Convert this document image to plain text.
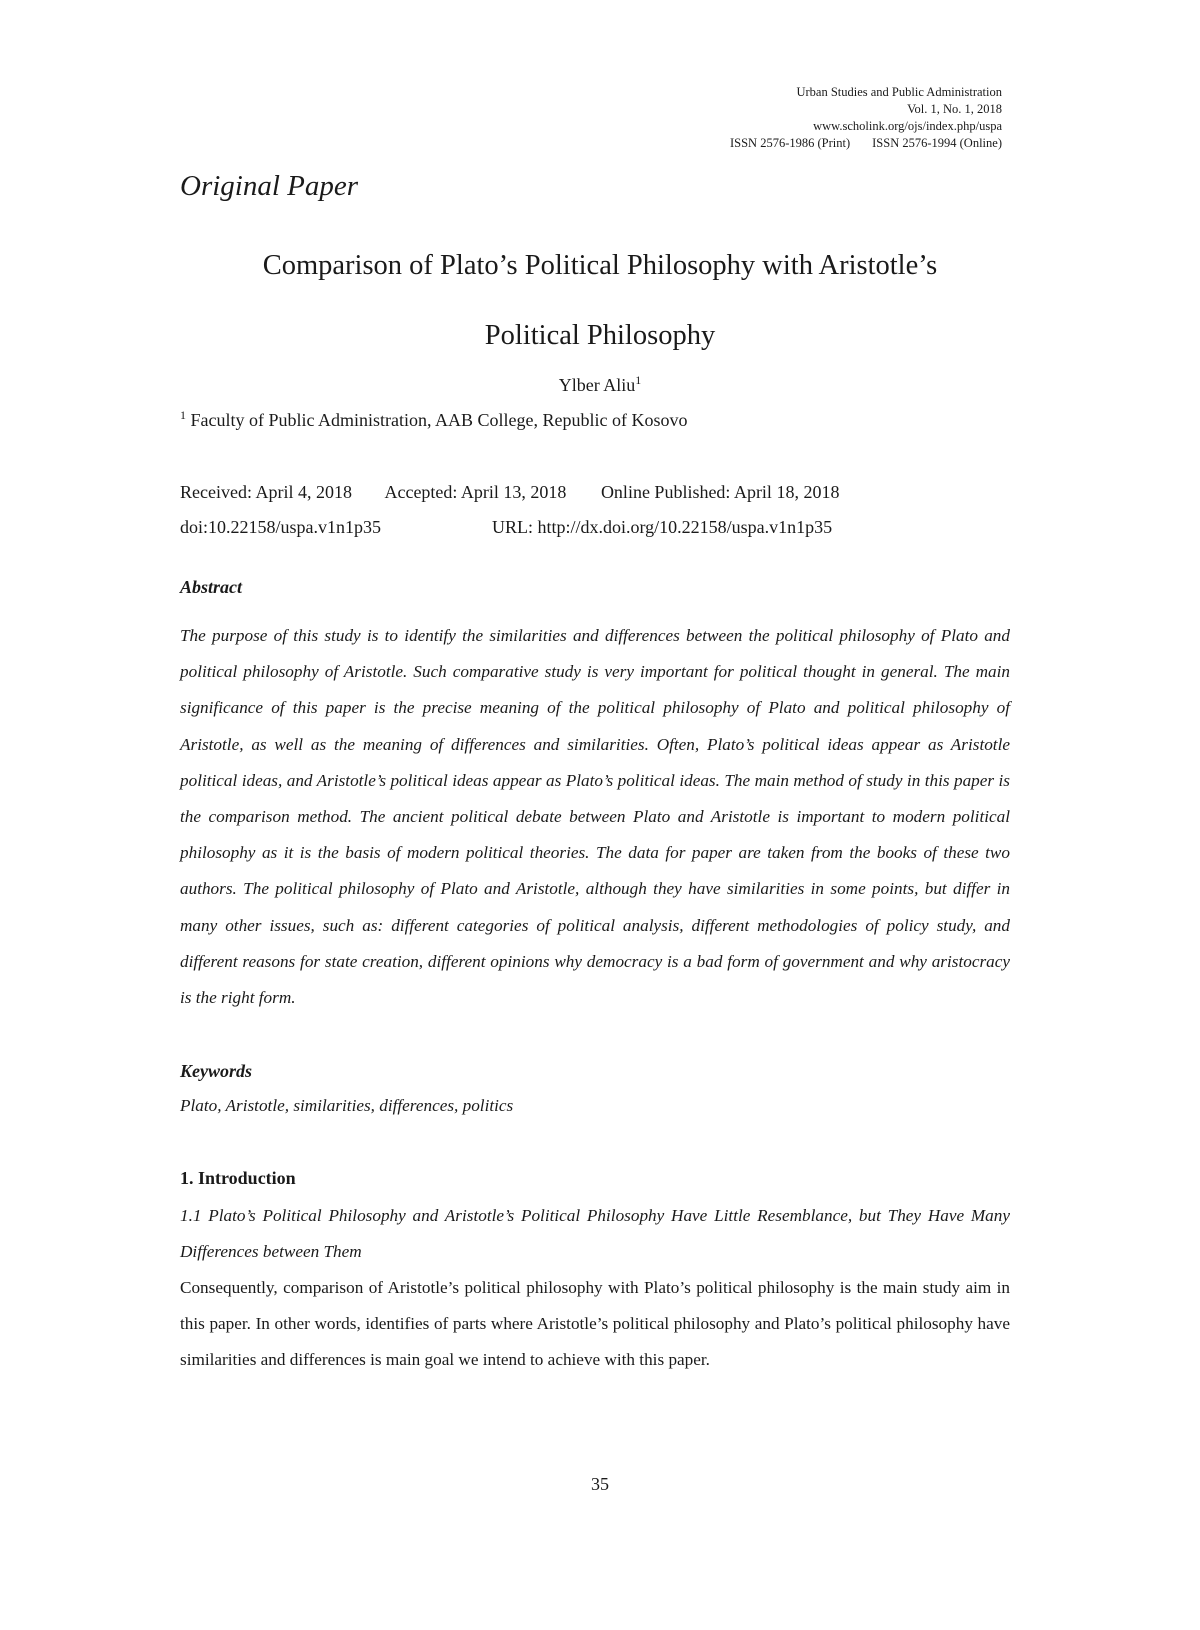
Urban Studies and Public Administration
Vol. 1, No. 1, 2018
www.scholink.org/ojs/index.php/uspa
ISSN 2576-1986 (Print) ISSN 2576-1994 (Online)
Original Paper
Comparison of Plato’s Political Philosophy with Aristotle’s
Political Philosophy
Ylber Aliu$^1$
$^1$ Faculty of Public Administration, AAB College, Republic of Kosovo
Received: April 4, 2018 Accepted: April 13, 2018 Online Published: April 18, 2018
doi:10.22158/uspa.v1n1p35	URL: http://dx.doi.org/10.22158/uspa.v1n1p35
Abstract
The purpose of this study is to identify the similarities and differences between the political philosophy of Plato and political philosophy of Aristotle. Such comparative study is very important for political thought in general. The main significance of this paper is the precise meaning of the political philosophy of Plato and political philosophy of Aristotle, as well as the meaning of differences and similarities. Often, Plato’s political ideas appear as Aristotle political ideas, and Aristotle’s political ideas appear as Plato’s political ideas. The main method of study in this paper is the comparison method. The ancient political debate between Plato and Aristotle is important to modern political philosophy as it is the basis of modern political theories. The data for paper are taken from the books of these two authors. The political philosophy of Plato and Aristotle, although they have similarities in some points, but differ in many other issues, such as: different categories of political analysis, different methodologies of policy study, and different reasons for state creation, different opinions why democracy is a bad form of government and why aristocracy is the right form.
Keywords
Plato, Aristotle, similarities, differences, politics
1. Introduction
1.1 Plato’s Political Philosophy and Aristotle’s Political Philosophy Have Little Resemblance, but They Have Many Differences between Them
Consequently, comparison of Aristotle’s political philosophy with Plato’s political philosophy is the main study aim in this paper. In other words, identifies of parts where Aristotle’s political philosophy and Plato’s political philosophy have similarities and differences is main goal we intend to achieve with this paper.
35
